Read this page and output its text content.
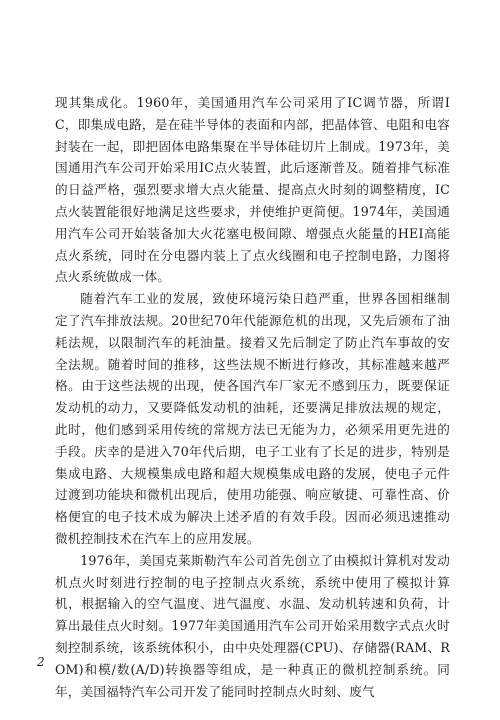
现其集成化。1960年，美国通用汽车公司采用了IC调节器，所谓IC，即集成电路，是在硅半导体的表面和内部，把晶体管、电阻和电容封装在一起，即把固体电路集聚在半导体硅切片上制成。1973年，美国通用汽车公司开始采用IC点火装置，此后逐渐普及。随着排气标准的日益严格，强烈要求增大点火能量、提高点火时刻的调整精度，IC点火装置能很好地满足这些要求，并使维护更简便。1974年，美国通用汽车公司开始装备加大火花塞电极间隙、增强点火能量的HEI高能点火系统，同时在分电器内装上了点火线圈和电子控制电路，力图将点火系统做成一体。

随着汽车工业的发展，致使环境污染日趋严重，世界各国相继制定了汽车排放法规。20世纪70年代能源危机的出现，又先后颁布了油耗法规，以限制汽车的耗油量。接着又先后制定了防止汽车事故的安全法规。随着时间的推移，这些法规不断进行修改，其标准越来越严格。由于这些法规的出现，使各国汽车厂家无不感到压力，既要保证发动机的动力，又要降低发动机的油耗，还要满足排放法规的规定，此时，他们感到采用传统的常规方法已无能为力，必须采用更先进的手段。庆幸的是进入70年代后期，电子工业有了长足的进步，特别是集成电路、大规模集成电路和超大规模集成电路的发展，使电子元件过渡到功能块和微机出现后，使用功能强、响应敏捷、可靠性高、价格便宜的电子技术成为解决上述矛盾的有效手段。因而必须迅速推动微机控制技术在汽车上的应用发展。

1976年，美国克莱斯勒汽车公司首先创立了由模拟计算机对发动机点火时刻进行控制的电子控制点火系统，系统中使用了模拟计算机，根据输入的空气温度、进气温度、水温、发动机转速和负荷，计算出最佳点火时刻。1977年美国通用汽车公司开始采用数字式点火时刻控制系统，该系统体积小，由中央处理器(CPU)、存储器(RAM、ROM)和模/数(A/D)转换器等组成，是一种真正的微机控制系统。同年，美国福特汽车公司开发了能同时控制点火时刻、废气

2
